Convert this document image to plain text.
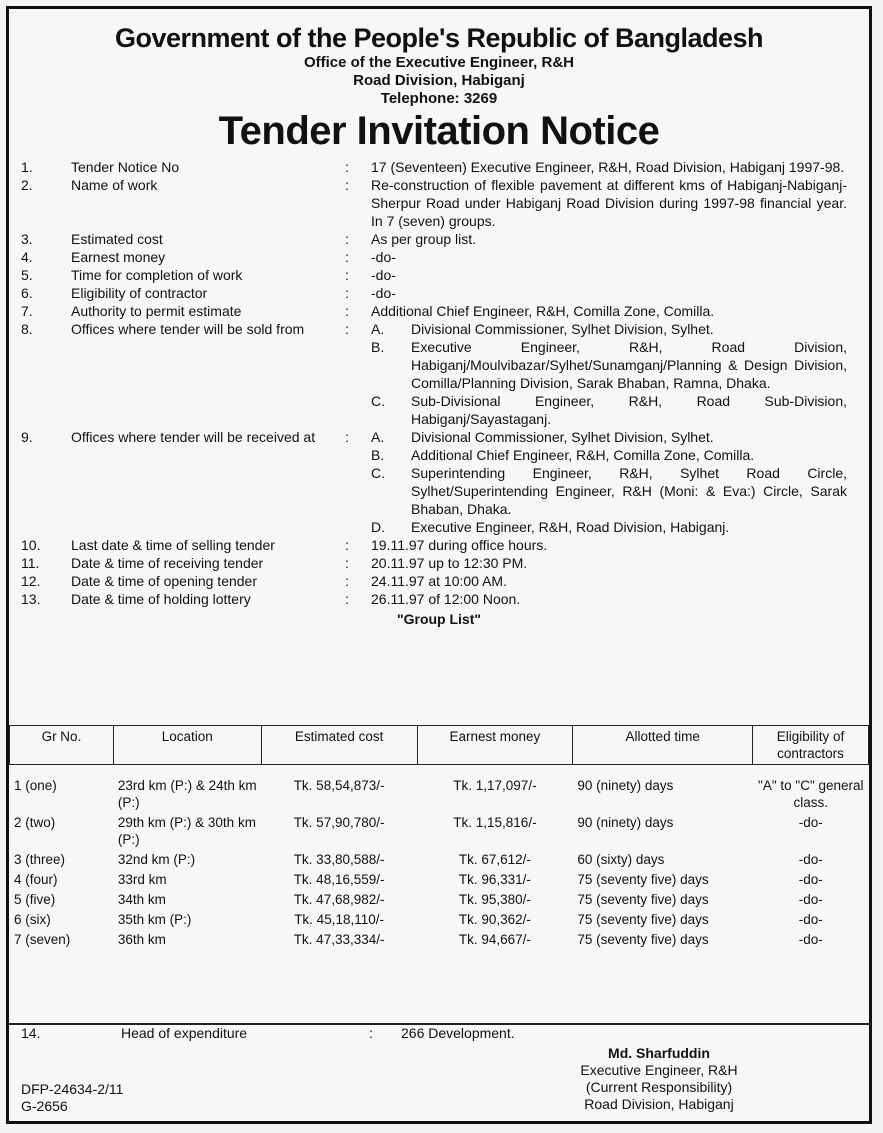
Government of the People's Republic of Bangladesh
Office of the Executive Engineer, R&H
Road Division, Habiganj
Telephone: 3269
Tender Invitation Notice
1.	Tender Notice No	: 17 (Seventeen) Executive Engineer, R&H, Road Division, Habiganj 1997-98.
2.	Name of work	: Re-construction of flexible pavement at different kms of Habiganj-Nabiganj-Sherpur Road under Habiganj Road Division during 1997-98 financial year. In 7 (seven) groups.
3.	Estimated cost	: As per group list.
4.	Earnest money	: -do-
5.	Time for completion of work	: -do-
6.	Eligibility of contractor	: -do-
7.	Authority to permit estimate	: Additional Chief Engineer, R&H, Comilla Zone, Comilla.
8.	Offices where tender will be sold from	: A. Divisional Commissioner, Sylhet Division, Sylhet.
B. Executive Engineer, R&H, Road Division, Habiganj/Moulvibazar/Sylhet/Sunamganj/Planning & Design Division, Comilla/Planning Division, Sarak Bhaban, Ramna, Dhaka.
C. Sub-Divisional Engineer, R&H, Road Sub-Division, Habiganj/Sayastaganj.
9.	Offices where tender will be received at	: A. Divisional Commissioner, Sylhet Division, Sylhet.
B. Additional Chief Engineer, R&H, Comilla Zone, Comilla.
C. Superintending Engineer, R&H, Sylhet Road Circle, Sylhet/Superintending Engineer, R&H (Moni: & Eva:) Circle, Sarak Bhaban, Dhaka.
D. Executive Engineer, R&H, Road Division, Habiganj.
10.	Last date & time of selling tender	: 19.11.97 during office hours.
11.	Date & time of receiving tender	: 20.11.97 up to 12:30 PM.
12.	Date & time of opening tender	: 24.11.97 at 10:00 AM.
13.	Date & time of holding lottery	: 26.11.97 of 12:00 Noon.
"Group List"
Gr No.	Location	Estimated cost	Earnest money	Allotted time	Eligibility of contractors
1 (one)	23rd km (P:) & 24th km (P:)	Tk. 58,54,873/-	Tk. 1,17,097/-	90 (ninety) days	"A" to "C" general class.
2 (two)	29th km (P:) & 30th km (P:)	Tk. 57,90,780/-	Tk. 1,15,816/-	90 (ninety) days	-do-
3 (three)	32nd km (P:)	Tk. 33,80,588/-	Tk. 67,612/-	60 (sixty) days	-do-
4 (four)	33rd km	Tk. 48,16,559/-	Tk. 96,331/-	75 (seventy five) days	-do-
5 (five)	34th km	Tk. 47,68,982/-	Tk. 95,380/-	75 (seventy five) days	-do-
6 (six)	35th km (P:)	Tk. 45,18,110/-	Tk. 90,362/-	75 (seventy five) days	-do-
7 (seven)	36th km	Tk. 47,33,334/-	Tk. 94,667/-	75 (seventy five) days	-do-
14.	Head of expenditure	: 266 Development.
Md. Sharfuddin
Executive Engineer, R&H
(Current Responsibility)
Road Division, Habiganj
DFP-24634-2/11
G-2656
